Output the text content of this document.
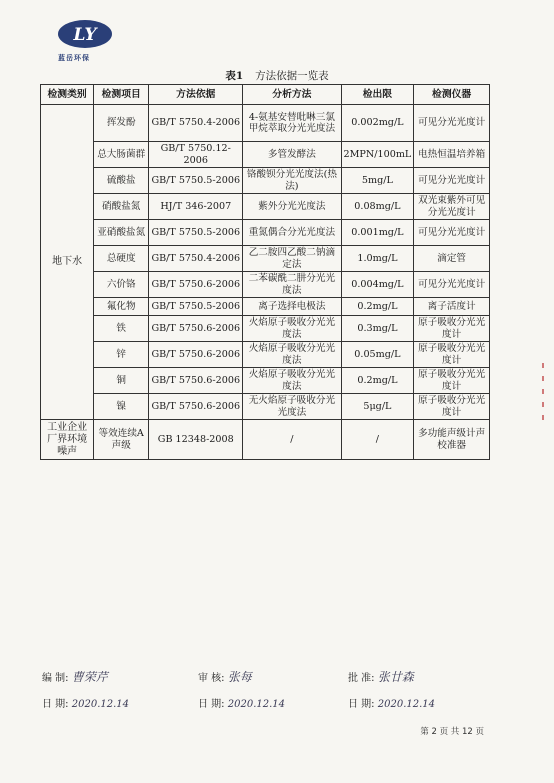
LY
蓝岳环保
表1 方法依据一览表
检测类别	检测项目	方法依据	分析方法	检出限	检测仪器
地下水	挥发酚	GB/T 5750.4-2006	4-氨基安替吡啉三氯甲烷萃取分光光度法	0.002mg/L	可见分光光度计
	总大肠菌群	GB/T 5750.12-2006	多管发酵法	2MPN/100mL	电热恒温培养箱
	硫酸盐	GB/T 5750.5-2006	铬酸钡分光光度法(热法)	5mg/L	可见分光光度计
	硝酸盐氮	HJ/T 346-2007	紫外分光光度法	0.08mg/L	双光束紫外可见分光光度计
	亚硝酸盐氮	GB/T 5750.5-2006	重氮偶合分光光度法	0.001mg/L	可见分光光度计
	总硬度	GB/T 5750.4-2006	乙二胺四乙酸二钠滴定法	1.0mg/L	滴定管
	六价铬	GB/T 5750.6-2006	二苯碳酰二肼分光光度法	0.004mg/L	可见分光光度计
	氟化物	GB/T 5750.5-2006	离子选择电极法	0.2mg/L	离子活度计
	铁	GB/T 5750.6-2006	火焰原子吸收分光光度法	0.3mg/L	原子吸收分光光度计
	锌	GB/T 5750.6-2006	火焰原子吸收分光光度法	0.05mg/L	原子吸收分光光度计
	铜	GB/T 5750.6-2006	火焰原子吸收分光光度法	0.2mg/L	原子吸收分光光度计
	镍	GB/T 5750.6-2006	无火焰原子吸收分光光度法	5μg/L	原子吸收分光光度计
工业企业厂界环境噪声	等效连续A声级	GB 12348-2008	/	/	多功能声级计声校准器
编 制: 曹荣芹
日 期: 2020.12.14
审 核: 张每
日 期: 2020.12.14
批 准: 张廿森
日 期: 2020.12.14
第 2 页 共 12 页
